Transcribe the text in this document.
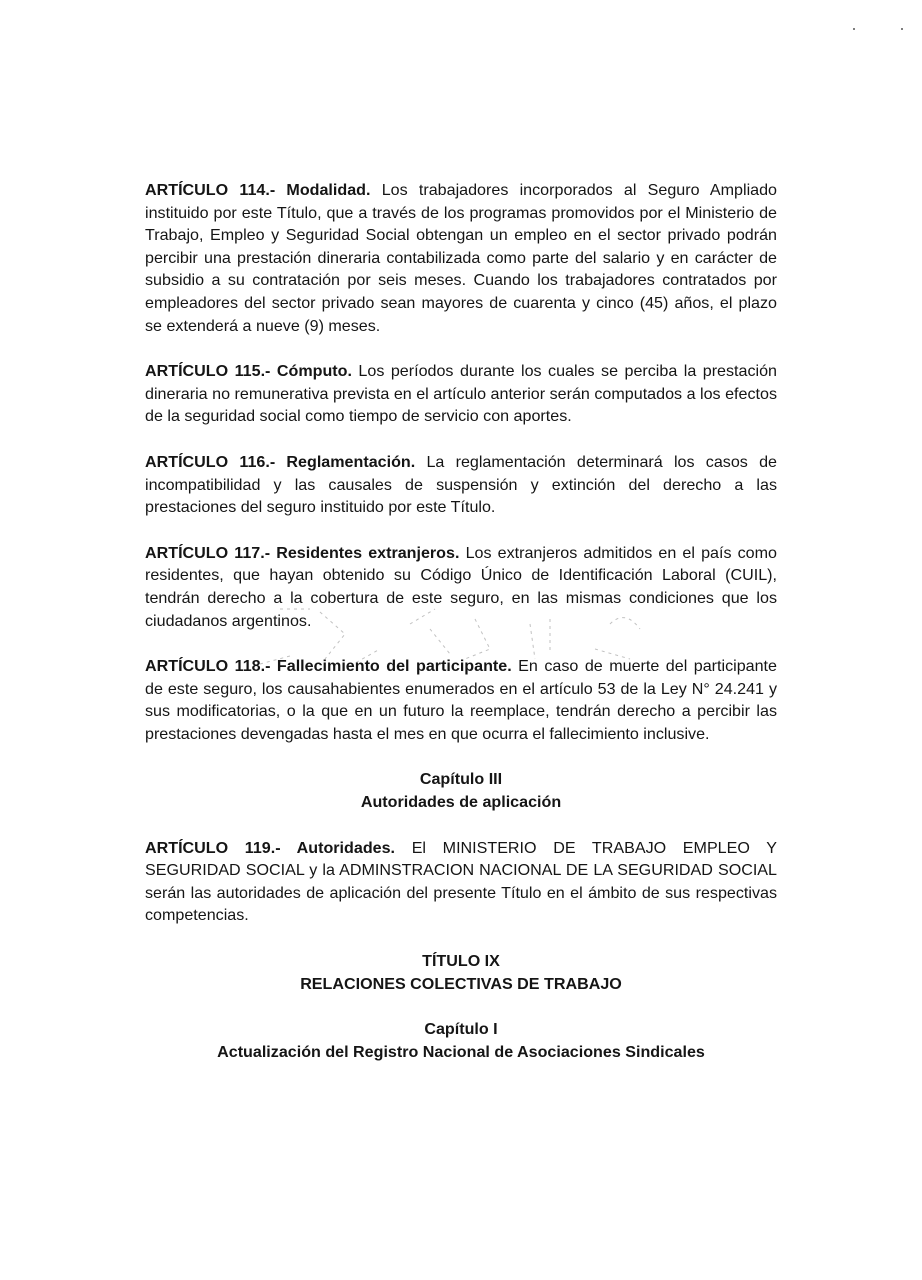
ARTÍCULO 114.- Modalidad. Los trabajadores incorporados al Seguro Ampliado instituido por este Título, que a través de los programas promovidos por el Ministerio de Trabajo, Empleo y Seguridad Social obtengan un empleo en el sector privado podrán percibir una prestación dineraria contabilizada como parte del salario y en carácter de subsidio a su contratación por seis meses. Cuando los trabajadores contratados por empleadores del sector privado sean mayores de cuarenta y cinco (45) años, el plazo se extenderá a nueve (9) meses.

ARTÍCULO 115.- Cómputo. Los períodos durante los cuales se perciba la prestación dineraria no remunerativa prevista en el artículo anterior serán computados a los efectos de la seguridad social como tiempo de servicio con aportes.

ARTÍCULO 116.- Reglamentación. La reglamentación determinará los casos de incompatibilidad y las causales de suspensión y extinción del derecho a las prestaciones del seguro instituido por este Título.

ARTÍCULO 117.- Residentes extranjeros. Los extranjeros admitidos en el país como residentes, que hayan obtenido su Código Único de Identificación Laboral (CUIL), tendrán derecho a la cobertura de este seguro, en las mismas condiciones que los ciudadanos argentinos.

ARTÍCULO 118.- Fallecimiento del participante. En caso de muerte del participante de este seguro, los causahabientes enumerados en el artículo 53 de la Ley N° 24.241 y sus modificatorias, o la que en un futuro la reemplace, tendrán derecho a percibir las prestaciones devengadas hasta el mes en que ocurra el fallecimiento inclusive.

Capítulo III
Autoridades de aplicación

ARTÍCULO 119.- Autoridades. El MINISTERIO DE TRABAJO EMPLEO Y SEGURIDAD SOCIAL y la ADMINSTRACION NACIONAL DE LA SEGURIDAD SOCIAL serán las autoridades de aplicación del presente Título en el ámbito de sus respectivas competencias.

TÍTULO IX
RELACIONES COLECTIVAS DE TRABAJO
Capítulo I
Actualización del Registro Nacional de Asociaciones Sindicales
